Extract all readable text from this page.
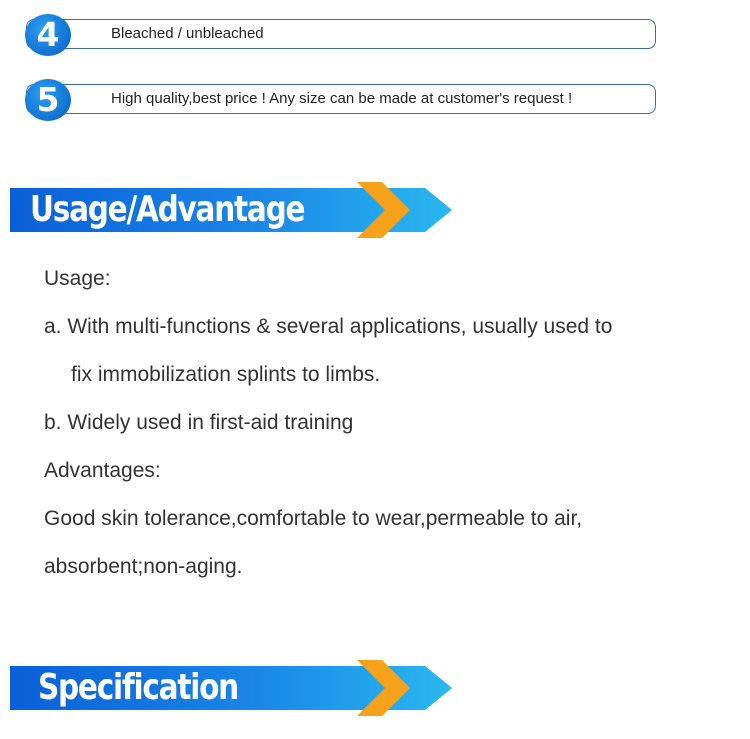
4	Bleached / unbleached
5	High quality,best price ! Any size can be made at customer's request !
Usage/Advantage
Usage:
a. With multi-functions & several applications, usually used to
fix immobilization splints to limbs.
b. Widely used in first-aid training
Advantages:
Good skin tolerance,comfortable to wear,permeable to air,
absorbent;non-aging.
Specification
